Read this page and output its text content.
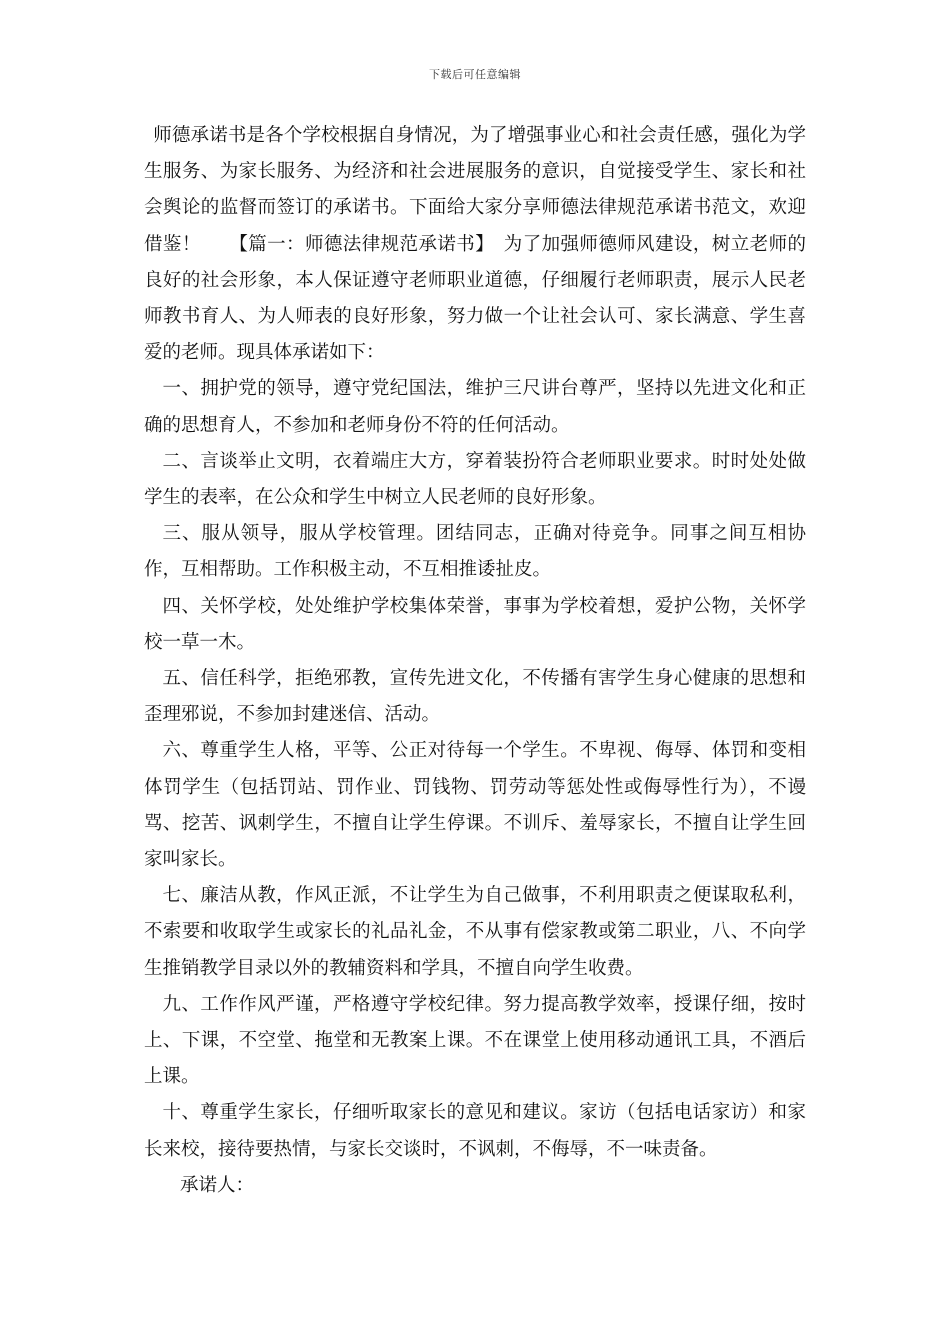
下载后可任意编辑

师德承诺书是各个学校根据自身情况，为了增强事业心和社会责任感，强化为学生服务、为家长服务、为经济和社会进展服务的意识，自觉接受学生、家长和社会舆论的监督而签订的承诺书。下面给大家分享师德法律规范承诺书范文，欢迎借鉴！　　【篇一：师德法律规范承诺书】　为了加强师德师风建设，树立老师的良好的社会形象，本人保证遵守老师职业道德，仔细履行老师职责，展示人民老师教书育人、为人师表的良好形象，努力做一个让社会认可、家长满意、学生喜爱的老师。现具体承诺如下：

一、拥护党的领导，遵守党纪国法，维护三尺讲台尊严，坚持以先进文化和正确的思想育人，不参加和老师身份不符的任何活动。

二、言谈举止文明，衣着端庄大方，穿着装扮符合老师职业要求。时时处处做学生的表率，在公众和学生中树立人民老师的良好形象。

三、服从领导，服从学校管理。团结同志，正确对待竞争。同事之间互相协作，互相帮助。工作积极主动，不互相推诿扯皮。

四、关怀学校，处处维护学校集体荣誉，事事为学校着想，爱护公物，关怀学校一草一木。

五、信任科学，拒绝邪教，宣传先进文化，不传播有害学生身心健康的思想和歪理邪说，不参加封建迷信、活动。

六、尊重学生人格，平等、公正对待每一个学生。不卑视、侮辱、体罚和变相体罚学生（包括罚站、罚作业、罚钱物、罚劳动等惩处性或侮辱性行为），不谩骂、挖苦、讽刺学生，不擅自让学生停课。不训斥、羞辱家长，不擅自让学生回家叫家长。

七、廉洁从教，作风正派，不让学生为自己做事，不利用职责之便谋取私利，不索要和收取学生或家长的礼品礼金，不从事有偿家教或第二职业，八、不向学生推销教学目录以外的教辅资料和学具，不擅自向学生收费。

九、工作作风严谨，严格遵守学校纪律。努力提高教学效率，授课仔细，按时上、下课，不空堂、拖堂和无教案上课。不在课堂上使用移动通讯工具，不酒后上课。

十、尊重学生家长，仔细听取家长的意见和建议。家访（包括电话家访）和家长来校，接待要热情，与家长交谈时，不讽刺，不侮辱，不一味责备。

承诺人：
